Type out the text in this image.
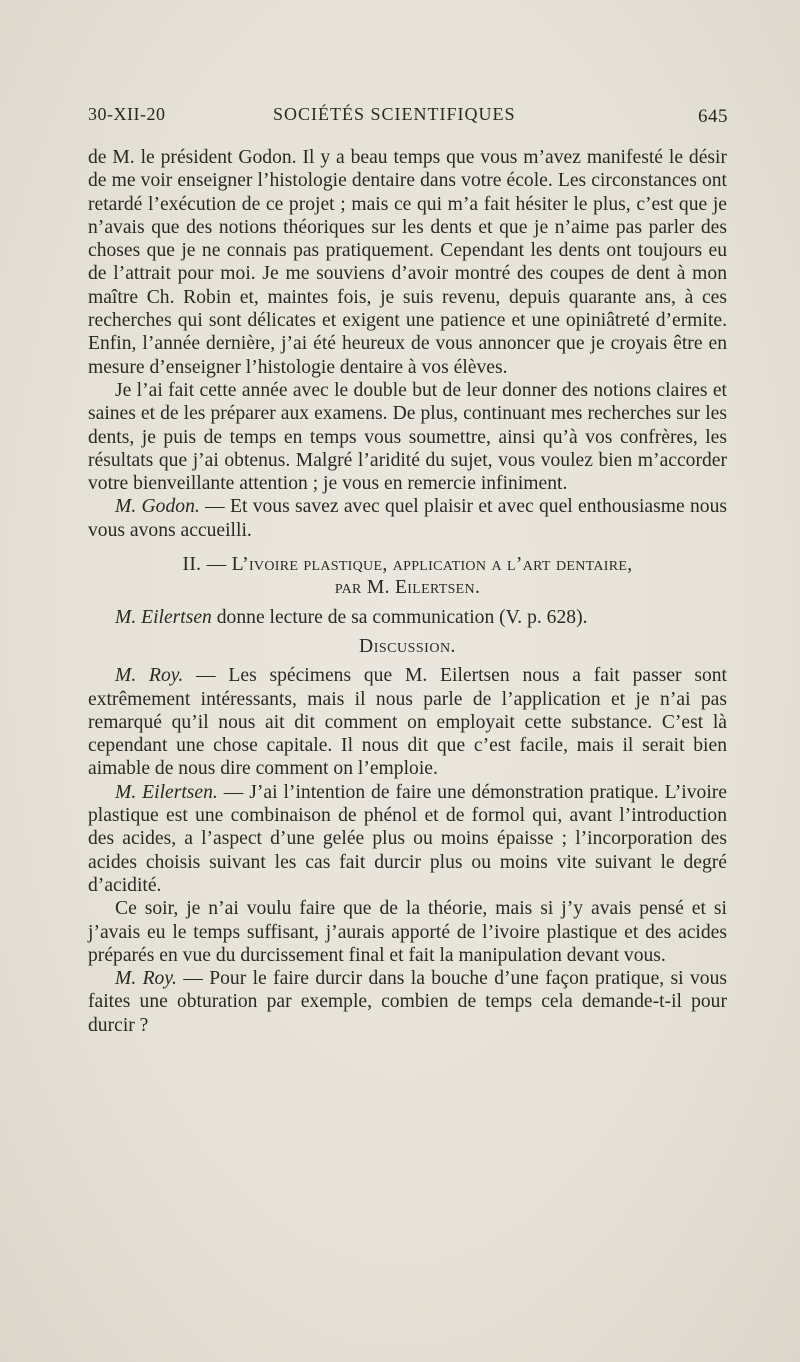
30-XII-20	SOCIÉTÉS SCIENTIFIQUES	645

de M. le président Godon. Il y a beau temps que vous m’avez manifesté le désir de me voir enseigner l’histologie dentaire dans votre école. Les circonstances ont retardé l’exécution de ce projet ; mais ce qui m’a fait hésiter le plus, c’est que je n’avais que des notions théoriques sur les dents et que je n’aime pas parler des choses que je ne connais pas pratiquement. Cependant les dents ont toujours eu de l’attrait pour moi. Je me souviens d’avoir montré des coupes de dent à mon maître Ch. Robin et, maintes fois, je suis revenu, depuis quarante ans, à ces recherches qui sont délicates et exigent une patience et une opiniâtreté d’ermite. Enfin, l’année dernière, j’ai été heureux de vous annoncer que je croyais être en mesure d’enseigner l’histologie dentaire à vos élèves.

Je l’ai fait cette année avec le double but de leur donner des notions claires et saines et de les préparer aux examens. De plus, continuant mes recherches sur les dents, je puis de temps en temps vous soumettre, ainsi qu’à vos confrères, les résultats que j’ai obtenus. Malgré l’aridité du sujet, vous voulez bien m’accorder votre bienveillante attention ; je vous en remercie infiniment.

M. Godon. — Et vous savez avec quel plaisir et avec quel enthousiasme nous vous avons accueilli.

II. — L’ivoire plastique, application a l’art dentaire,
par M. Eilertsen.

M. Eilertsen donne lecture de sa communication (V. p. 628).

Discussion.

M. Roy. — Les spécimens que M. Eilertsen nous a fait passer sont extrêmement intéressants, mais il nous parle de l’application et je n’ai pas remarqué qu’il nous ait dit comment on employait cette substance. C’est là cependant une chose capitale. Il nous dit que c’est facile, mais il serait bien aimable de nous dire comment on l’emploie.

M. Eilertsen. — J’ai l’intention de faire une démonstration pratique. L’ivoire plastique est une combinaison de phénol et de formol qui, avant l’introduction des acides, a l’aspect d’une gelée plus ou moins épaisse ; l’incorporation des acides choisis suivant les cas fait durcir plus ou moins vite suivant le degré d’acidité.

Ce soir, je n’ai voulu faire que de la théorie, mais si j’y avais pensé et si j’avais eu le temps suffisant, j’aurais apporté de l’ivoire plastique et des acides préparés en vue du durcissement final et fait la manipulation devant vous.

M. Roy. — Pour le faire durcir dans la bouche d’une façon pratique, si vous faites une obturation par exemple, combien de temps cela demande-t-il pour durcir ?
